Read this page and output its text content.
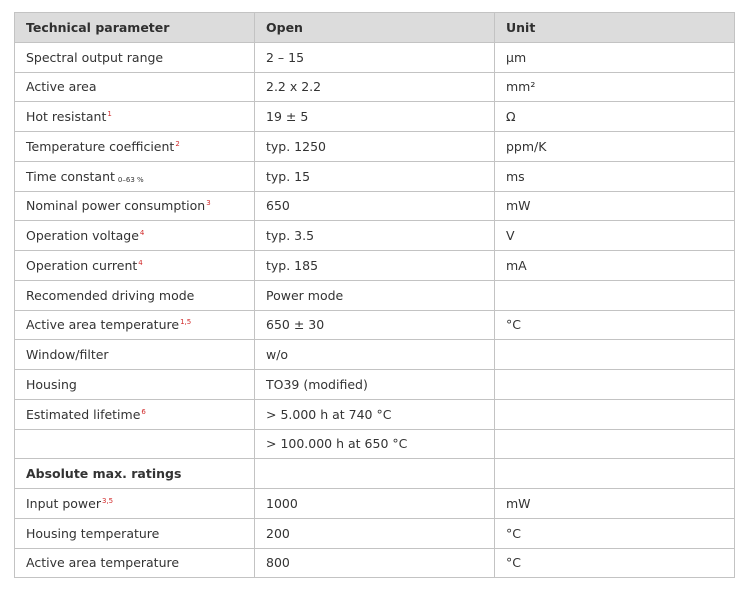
Technical parameter	Open	Unit
Spectral output range	2 – 15	µm
Active area	2.2 x 2.2	mm²
Hot resistant$^1$	19 ± 5	Ω
Temperature coefficient$^2$	typ. 1250	ppm/K
Time constant $_{0-63 \%}$	typ. 15	ms
Nominal power consumption$^3$	650	mW
Operation voltage$^4$	typ. 3.5	V
Operation current$^4$	typ. 185	mA
Recomended driving mode	Power mode	
Active area temperature$^{1,5}$	650 ± 30	°C
Window/filter	w/o	
Housing	TO39 (modified)	
Estimated lifetime$^6$	> 5.000 h at 740 °C	
	> 100.000 h at 650 °C	
Absolute max. ratings		
Input power$^{3,5}$	1000	mW
Housing temperature	200	°C
Active area temperature	800	°C
